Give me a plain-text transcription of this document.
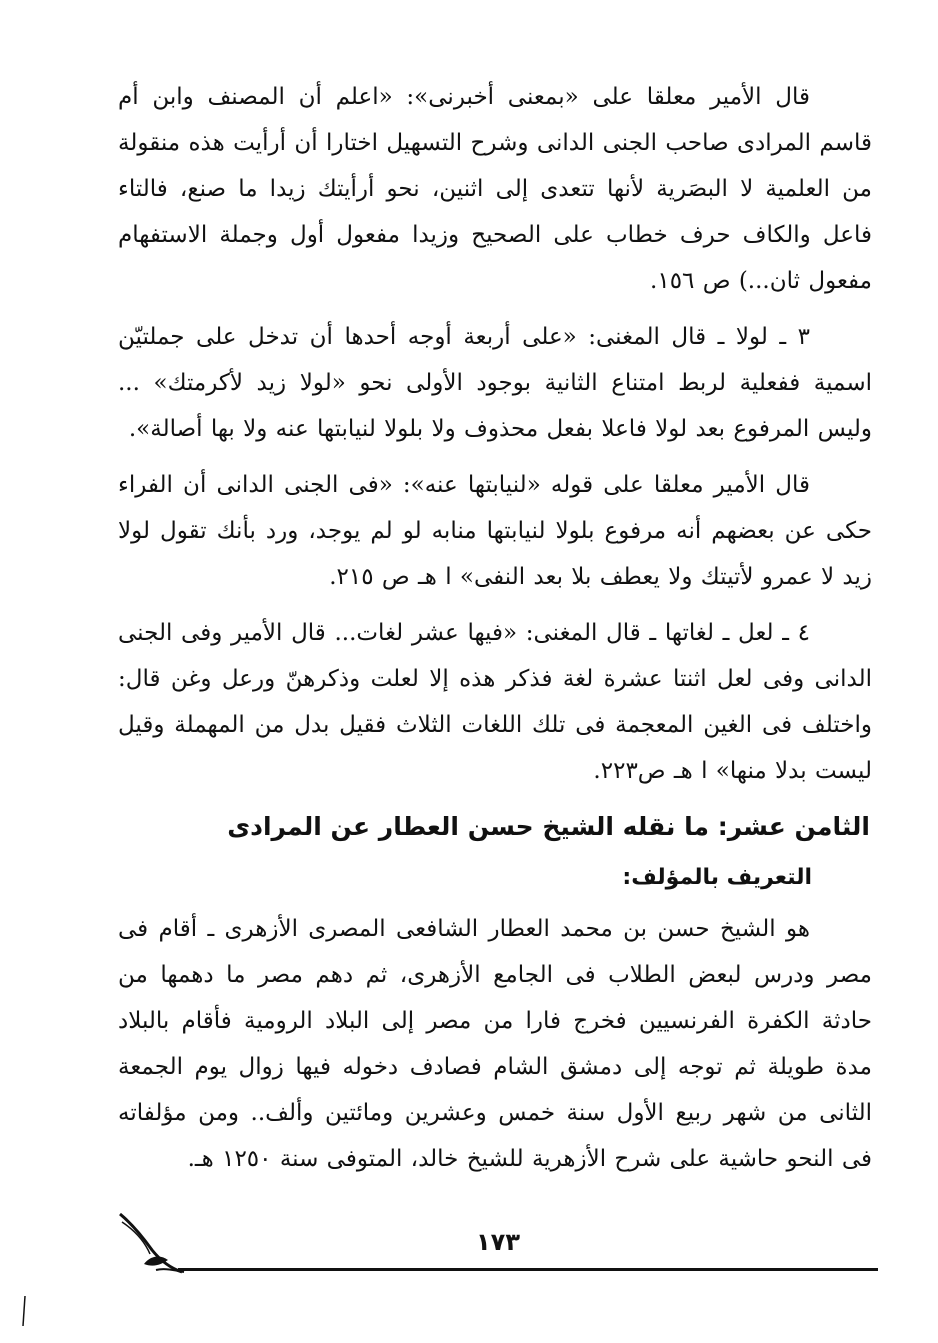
قال الأمير معلقا على «بمعنى أخبرنى»: «اعلم أن المصنف وابن أم قاسم المرادى صاحب الجنى الدانى وشرح التسهيل اختارا أن أرأيت هذه منقولة من العلمية لا البصَرية لأنها تتعدى إلى اثنين، نحو أرأيتك زيدا ما صنع، فالتاء فاعل والكاف حرف خطاب على الصحيح وزيدا مفعول أول وجملة الاستفهام مفعول ثان...) ص ١٥٦.

٣ ـ لولا ـ قال المغنى: «على أربعة أوجه أحدها أن تدخل على جملتيّن اسمية ففعلية لربط امتناع الثانية بوجود الأولى نحو «لولا زيد لأكرمتك» ... وليس المرفوع بعد لولا فاعلا بفعل محذوف ولا بلولا لنيابتها عنه ولا بها أصالة».

قال الأمير معلقا على قوله «لنيابتها عنه»: «فى الجنى الدانى أن الفراء حكى عن بعضهم أنه مرفوع بلولا لنيابتها منابه لو لم يوجد، ورد بأنك تقول لولا زيد لا عمرو لأتيتك ولا يعطف بلا بعد النفى» ا هـ ص ٢١٥.

٤ ـ لعل ـ لغاتها ـ قال المغنى: «فيها عشر لغات... قال الأمير وفى الجنى الدانى وفى لعل اثنتا عشرة لغة فذكر هذه إلا لعلت وذكرهنّ ورعل وغن قال: واختلف فى الغين المعجمة فى تلك اللغات الثلاث فقيل بدل من المهملة وقيل ليست بدلا منها» ا هـ ص٢٢٣.

الثامن عشر: ما نقله الشيخ حسن العطار عن المرادى
التعريف بالمؤلف:

هو الشيخ حسن بن محمد العطار الشافعى المصرى الأزهرى ـ أقام فى مصر ودرس لبعض الطلاب فى الجامع الأزهرى، ثم دهم مصر ما دهمها من حادثة الكفرة الفرنسيين فخرج فارا من مصر إلى البلاد الرومية فأقام بالبلاد مدة طويلة ثم توجه إلى دمشق الشام فصادف دخوله فيها زوال يوم الجمعة الثانى من شهر ربيع الأول سنة خمس وعشرين ومائتين وألف.. ومن مؤلفاته فى النحو حاشية على شرح الأزهرية للشيخ خالد، المتوفى سنة ١٢٥٠ هـ.

١٧٣
